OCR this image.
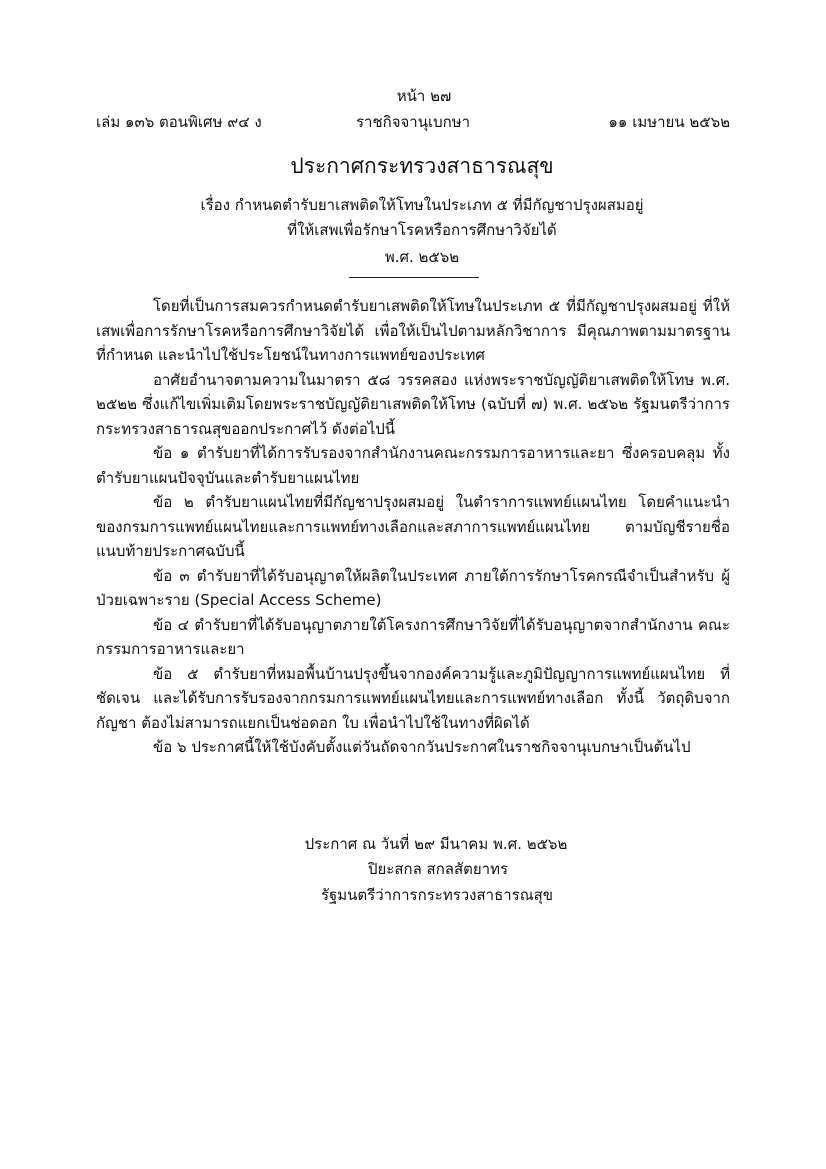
หน้า ๒๗
เล่ม ๑๓๖ ตอนพิเศษ ๙๔ ง	ราชกิจจานุเบกษา	๑๑ เมษายน ๒๕๖๒
ประกาศกระทรวงสาธารณสุข
เรื่อง กำหนดตำรับยาเสพติดให้โทษในประเภท ๕ ที่มีกัญชาปรุงผสมอยู่
ที่ให้เสพเพื่อรักษาโรคหรือการศึกษาวิจัยได้
พ.ศ. ๒๕๖๒

โดยที่เป็นการสมควรกำหนดตำรับยาเสพติดให้โทษในประเภท ๕ ที่มีกัญชาปรุงผสมอยู่ ที่ให้เสพเพื่อการรักษาโรคหรือการศึกษาวิจัยได้ เพื่อให้เป็นไปตามหลักวิชาการ มีคุณภาพตามมาตรฐาน ที่กำหนด และนำไปใช้ประโยชน์ในทางการแพทย์ของประเทศ

อาศัยอำนาจตามความในมาตรา ๕๘ วรรคสอง แห่งพระราชบัญญัติยาเสพติดให้โทษ พ.ศ. ๒๕๒๒ ซึ่งแก้ไขเพิ่มเติมโดยพระราชบัญญัติยาเสพติดให้โทษ (ฉบับที่ ๗) พ.ศ. ๒๕๖๒ รัฐมนตรีว่าการกระทรวงสาธารณสุขออกประกาศไว้ ดังต่อไปนี้

ข้อ ๑ ตำรับยาที่ได้การรับรองจากสำนักงานคณะกรรมการอาหารและยา ซึ่งครอบคลุม ทั้งตำรับยาแผนปัจจุบันและตำรับยาแผนไทย

ข้อ ๒ ตำรับยาแผนไทยที่มีกัญชาปรุงผสมอยู่ ในตำราการแพทย์แผนไทย โดยคำแนะนำ ของกรมการแพทย์แผนไทยและการแพทย์ทางเลือกและสภาการแพทย์แผนไทย ตามบัญชีรายชื่อ แนบท้ายประกาศฉบับนี้

ข้อ ๓ ตำรับยาที่ได้รับอนุญาตให้ผลิตในประเทศ ภายใต้การรักษาโรคกรณีจำเป็นสำหรับ ผู้ป่วยเฉพาะราย (Special Access Scheme)

ข้อ ๔ ตำรับยาที่ได้รับอนุญาตภายใต้โครงการศึกษาวิจัยที่ได้รับอนุญาตจากสำนักงาน คณะกรรมการอาหารและยา

ข้อ ๕ ตำรับยาที่หมอพื้นบ้านปรุงขึ้นจากองค์ความรู้และภูมิปัญญาการแพทย์แผนไทย ที่ชัดเจน และได้รับการรับรองจากกรมการแพทย์แผนไทยและการแพทย์ทางเลือก ทั้งนี้ วัตถุดิบจากกัญชา ต้องไม่สามารถแยกเป็นช่อดอก ใบ เพื่อนำไปใช้ในทางที่ผิดได้

ข้อ ๖ ประกาศนี้ให้ใช้บังคับตั้งแต่วันถัดจากวันประกาศในราชกิจจานุเบกษาเป็นต้นไป

ประกาศ ณ วันที่ ๒๙ มีนาคม พ.ศ. ๒๕๖๒
ปิยะสกล สกลสัตยาทร
รัฐมนตรีว่าการกระทรวงสาธารณสุข
